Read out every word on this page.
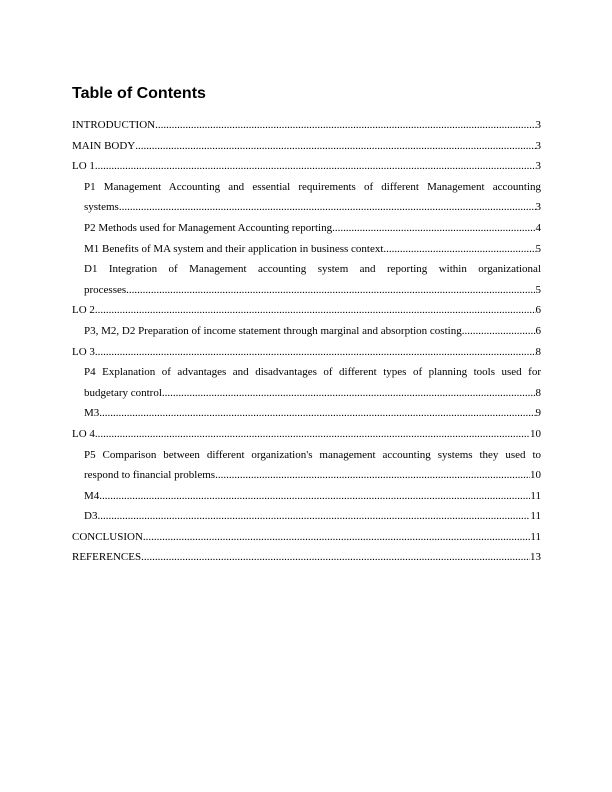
Table of Contents
INTRODUCTION .....	3
MAIN BODY .....	3
LO 1 .....	3
P1 Management Accounting and essential requirements of different Management accounting
systems .....	3
P2 Methods used for Management Accounting reporting .....	4
M1 Benefits of MA system and their application in business context .....	5
D1 Integration of Management accounting system and reporting within organizational
processes .....	5
LO 2 .....	6
P3, M2, D2 Preparation of income statement through marginal and absorption costing .....	6
LO 3 .....	8
P4 Explanation of advantages and disadvantages of different types of planning tools used for
budgetary control .....	8
M3 .....	9
LO 4 .....	10
P5 Comparison between different organization's management accounting systems they used to
respond to financial problems .....	10
M4 .....	11
D3 .....	11
CONCLUSION .....	11
REFERENCES .....	13
